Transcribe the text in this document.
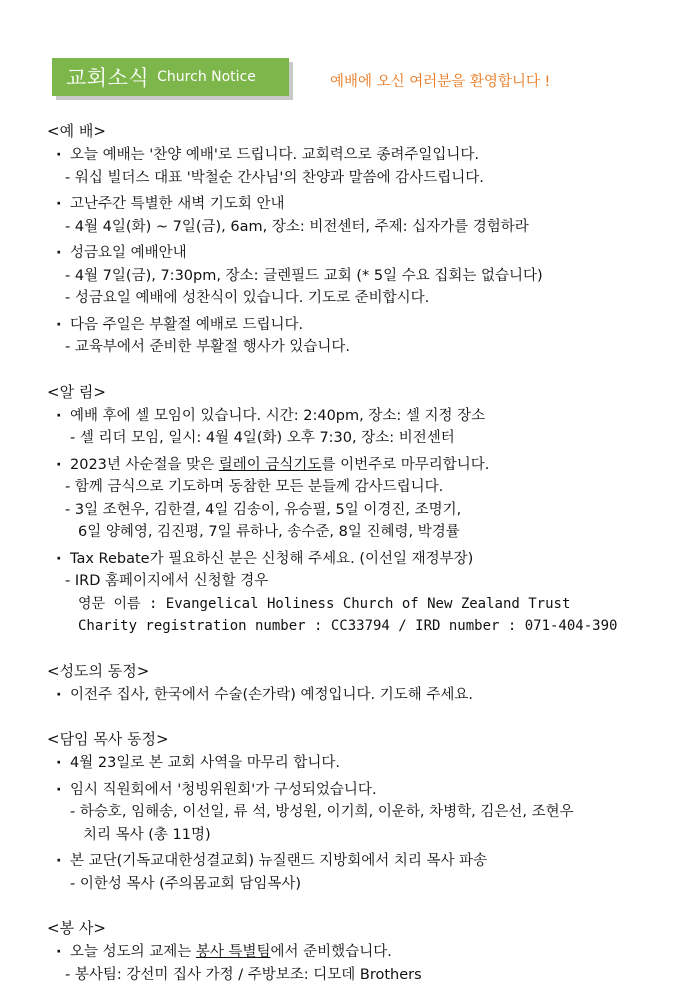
교회소식 Church Notice	예배에 오신 여러분을 환영합니다 !
<예 배>
· 오늘 예배는 '찬양 예배'로 드립니다. 교회력으로 종려주일입니다.
- 워십 빌더스 대표 '박철순 간사님'의 찬양과 말씀에 감사드립니다.
· 고난주간 특별한 새벽 기도회 안내
- 4월 4일(화) ~ 7일(금), 6am, 장소: 비전센터, 주제: 십자가를 경험하라
· 성금요일 예배안내
- 4월 7일(금), 7:30pm, 장소: 글렌필드 교회 (* 5일 수요 집회는 없습니다)
- 성금요일 예배에 성찬식이 있습니다. 기도로 준비합시다.
· 다음 주일은 부활절 예배로 드립니다.
- 교육부에서 준비한 부활절 행사가 있습니다.
<알 림>
· 예배 후에 셀 모임이 있습니다. 시간: 2:40pm, 장소: 셀 지정 장소
- 셀 리더 모임, 일시: 4월 4일(화) 오후 7:30, 장소: 비전센터
· 2023년 사순절을 맞은 릴레이 금식기도를 이번주로 마무리합니다.
- 함께 금식으로 기도하며 동참한 모든 분들께 감사드립니다.
- 3일 조현우, 김한결, 4일 김송이, 유승필, 5일 이경진, 조명기,
6일 양혜영, 김진평, 7일 류하나, 송수준, 8일 진혜령, 박경률
· Tax Rebate가 필요하신 분은 신청해 주세요. (이선일 재정부장)
- IRD 홈페이지에서 신청할 경우
영문 이름 : Evangelical Holiness Church of New Zealand Trust
Charity registration number : CC33794 / IRD number : 071-404-390
<성도의 동정>
· 이전주 집사, 한국에서 수술(손가락) 예정입니다. 기도해 주세요.
<담임 목사 동정>
· 4월 23일로 본 교회 사역을 마무리 합니다.
· 임시 직원회에서 '청빙위원회'가 구성되었습니다.
- 하승호, 임해송, 이선일, 류 석, 방성원, 이기희, 이운하, 차병학, 김은선, 조현우
치리 목사 (총 11명)
· 본 교단(기독교대한성결교회) 뉴질랜드 지방회에서 치리 목사 파송
- 이한성 목사 (주의몸교회 담임목사)
<봉 사>
· 오늘 성도의 교제는 봉사 특별팀에서 준비했습니다.
- 봉사팀: 강선미 집사 가정 / 주방보조: 디모데 Brothers
